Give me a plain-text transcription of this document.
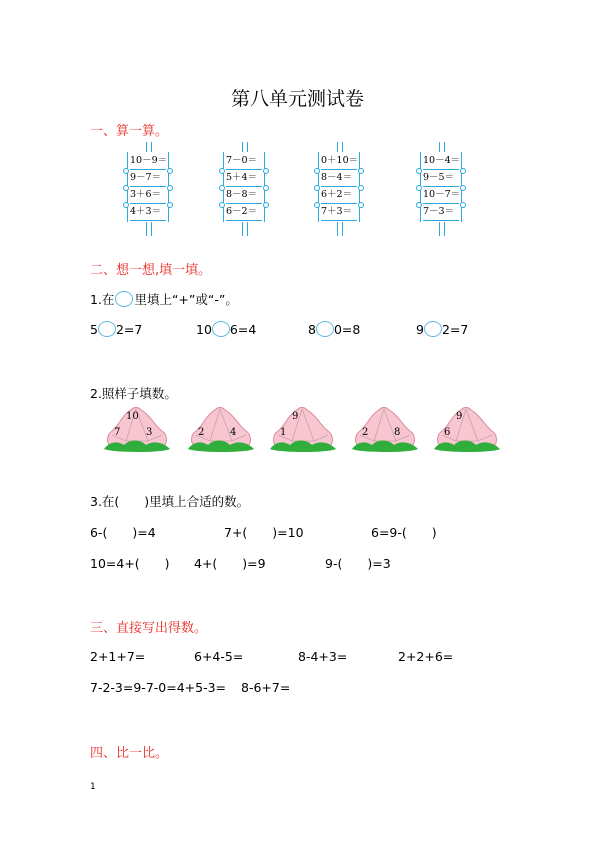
第八单元测试卷
一、算一算。
10－9＝
9－7＝
3＋6＝
4＋3＝
7－0＝
5＋4＝
8－8＝
6－2＝
0＋10＝
8－4＝
6＋2＝
7＋3＝
10－4＝
9－5＝
10－7＝
7－3＝
二、想一想,填一填。
1.在 里填上“+”或“-”。
5 2=7	10 6=4	8 0=8	9 2=7
2.照样子填数。
10
7	3	2	4
9
1	2	8
9
6
3.在(　　)里填上合适的数。
6-(　　)=4	7+(　　)=10	6=9-(　　)
10=4+(　　) 4+(　　)=9	9-(　　)=3
三、直接写出得数。
2+1+7=	6+4-5=	8-4+3=	2+2+6=
7-2-3=9-7-0=4+5-3= 8-6+7=
四、比一比。
1
